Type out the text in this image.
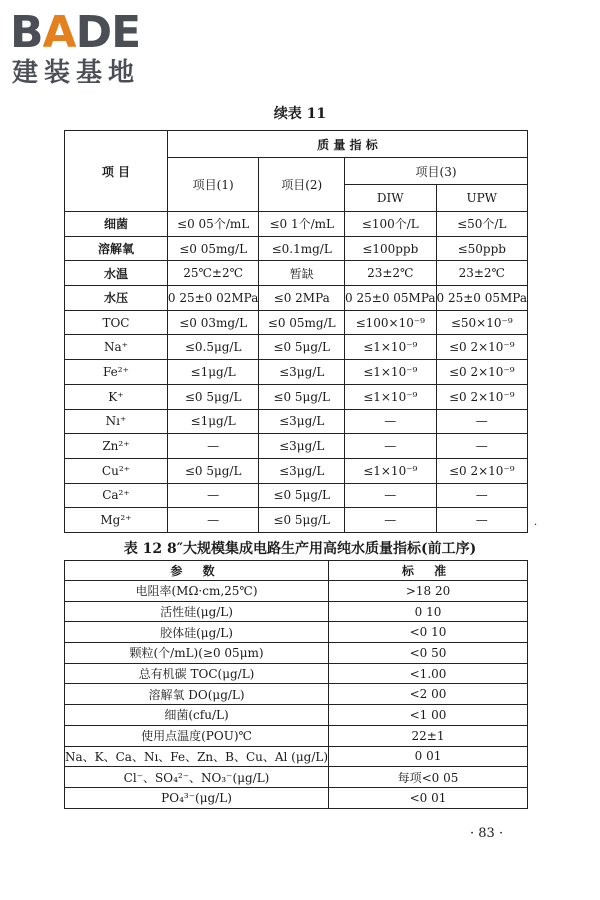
BADE
建装基地
续表 11
项 目	质 量 指 标			
	项目(1)	项目(2)	项目(3)	
			DIW	UPW
细菌	≤0 05个/mL	≤0 1个/mL	≤100个/L	≤50个/L
溶解氧	≤0 05mg/L	≤0.1mg/L	≤100ppb	≤50ppb
水温	25℃±2℃	暂缺	23±2℃	23±2℃
水压	0 25±0 02MPa	≤0 2MPa	0 25±0 05MPa	0 25±0 05MPa
TOC	≤0 03mg/L	≤0 05mg/L	≤100×10⁻⁹	≤50×10⁻⁹
Na⁺	≤0.5μg/L	≤0 5μg/L	≤1×10⁻⁹	≤0 2×10⁻⁹
Fe²⁺	≤1μg/L	≤3μg/L	≤1×10⁻⁹	≤0 2×10⁻⁹
K⁺	≤0 5μg/L	≤0 5μg/L	≤1×10⁻⁹	≤0 2×10⁻⁹
Nı⁺	≤1μg/L	≤3μg/L	—	—
Zn²⁺	—	≤3μg/L	—	—
Cu²⁺	≤0 5μg/L	≤3μg/L	≤1×10⁻⁹	≤0 2×10⁻⁹
Ca²⁺	—	≤0 5μg/L	—	—
Mg²⁺	—	≤0 5μg/L	—	—	·
表 12 8″大规模集成电路生产用高纯水质量指标(前工序)
参 数	标 准
电阻率(MΩ·cm,25℃)	>18 20
活性硅(μg/L)	0 10
胶体硅(μg/L)	<0 10
颗粒(个/mL)(≥0 05μm)	<0 50
总有机碳 TOC(μg/L)	<1.00
溶解氧 DO(μg/L)	<2 00
细菌(cfu/L)	<1 00
使用点温度(POU)℃	22±1
Na、K、Ca、Nı、Fe、Zn、B、Cu、Al (μg/L)	0 01
Cl⁻、SO₄²⁻、NO₃⁻(μg/L)	每项<0 05
PO₄³⁻(μg/L)	<0 01
· 83 ·
